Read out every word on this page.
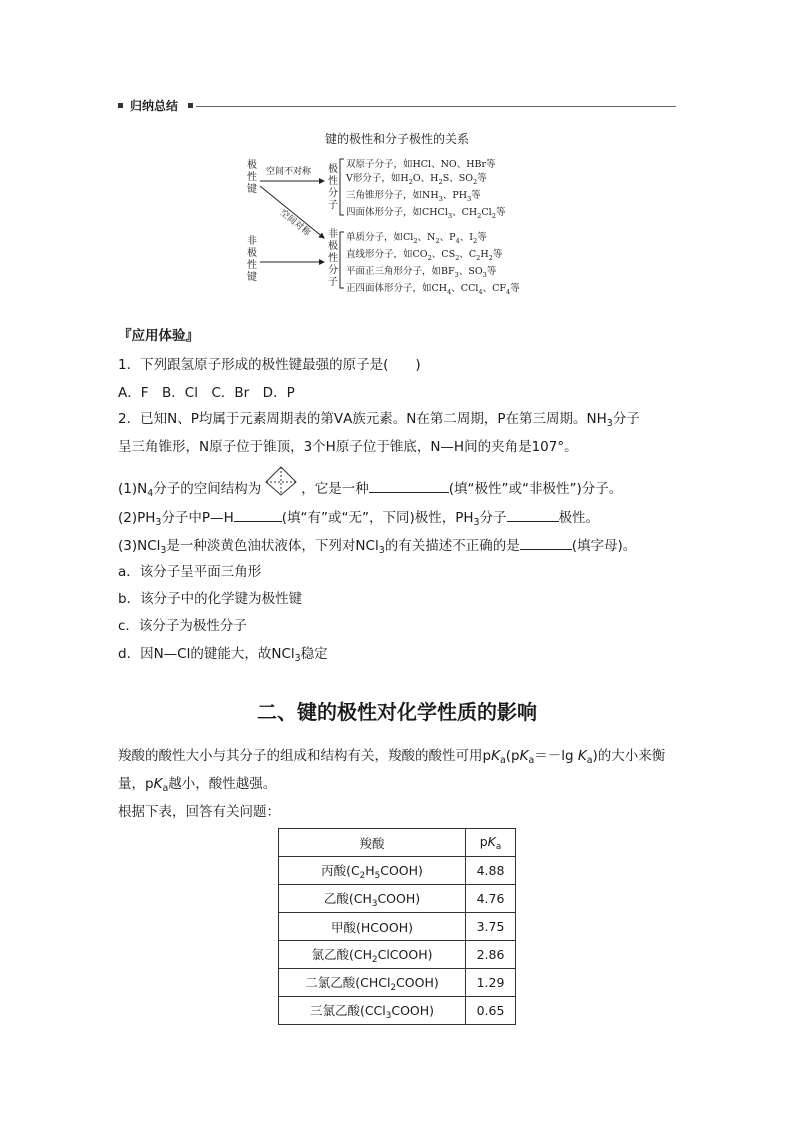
归纳总结
键的极性和分子极性的关系
极
性
键
非
极
性
键
空间不对称
空间对称
极
性
分
子
双原子分子，如HCl、NO、HBr等
V形分子，如$H_2O$、$H_2S$、$SO_2$等
三角锥形分子，如$NH_3$、$PH_3$等
四面体形分子，如CHCl$_3$、$CH_2Cl_2$等
非
极
性
分
子
单质分子，如$Cl_2$、$N_2$、$P_4$、$I_2$等
直线形分子，如$CO_2$、$CS_2$、$C_2H_2$等
平面正三角形分子，如$BF_3$、$SO_3$等
正四面体形分子，如$CH_4$、CCl$_4$、$CF_4$等
『应用体验』
1．下列跟氢原子形成的极性键最强的原子是(　　)
A．F　B．Cl　C．Br　D．P
2．已知N、P均属于元素周期表的第ⅤA族元素。N在第二周期，P在第三周期。$NH_3$分子
呈三角锥形，N原子位于锥顶，3个H原子位于锥底，N—H间的夹角是107°。
$(1)N_4$分子的空间结构为	，它是一种	(填“极性”或“非极性”)分子。
$(2)PH_3$分子中P—H	(填“有”或“无”，下同)极性，$PH_3$分子	极性。
(3)NCl$_3$是一种淡黄色油状液体，下列对NCl$_3$的有关描述不正确的是	(填字母)。
a．该分子呈平面三角形
b．该分子中的化学键为极性键
c．该分子为极性分子
d．因N—Cl的键能大，故NCl$_3$稳定
二、键的极性对化学性质的影响
羧酸的酸性大小与其分子的组成和结构有关，羧酸的酸性可用$pK_a(pK_a=-\lg$ $K_a$)的大小来衡
量，$pK_a$越小，酸性越强。
根据下表，回答有关问题：
羧酸	$pK_a$
丙酸$(C_2H_5COOH)$	4.88
乙酸$(CH_3COOH)$	4.76
甲酸(HCOOH)	3.75
氯乙酸$(CH_2ClCOOH)$	2.86
二氯乙酸(CHCl$_2$COOH)	1.29
三氯乙酸(CCl$_3$COOH)	0.65
